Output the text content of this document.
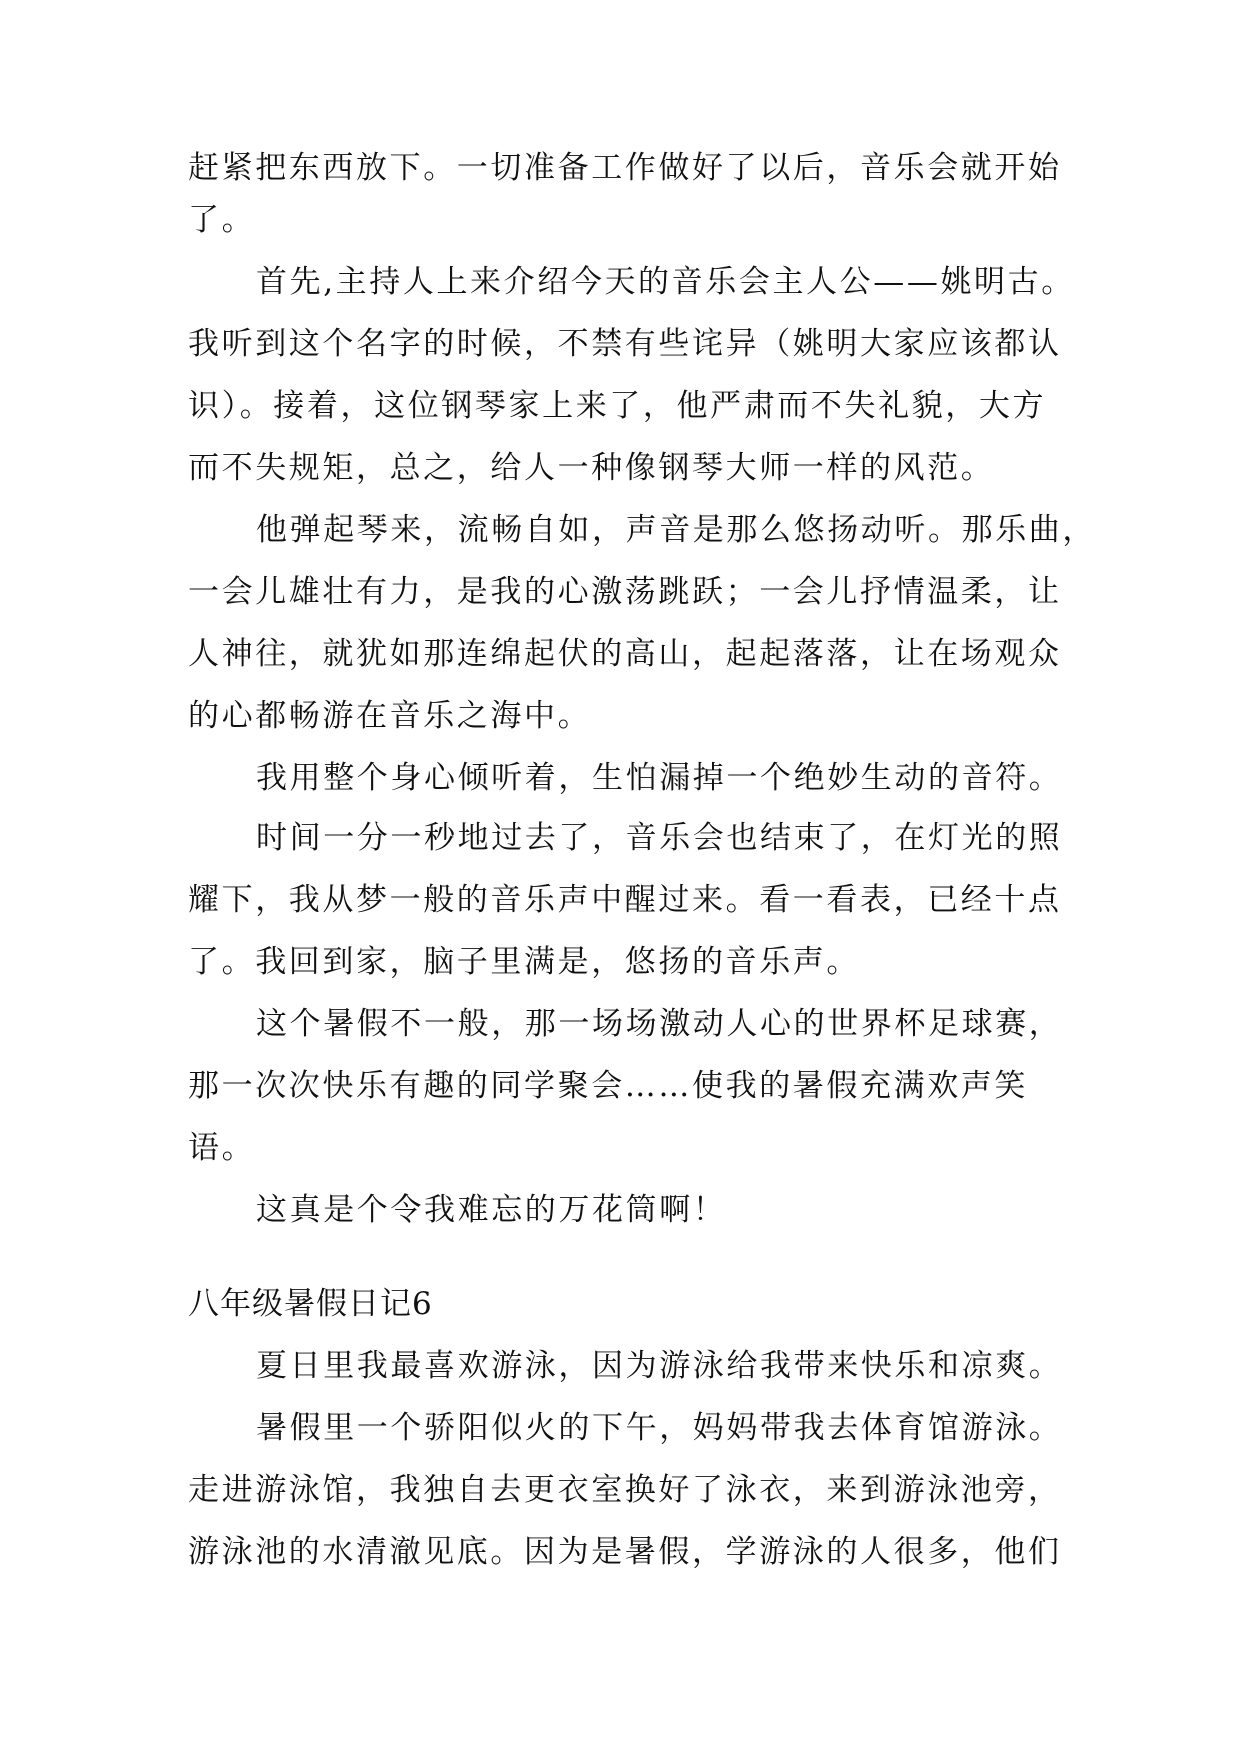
赶紧把东西放下。一切准备工作做好了以后，音乐会就开始
了。
首先,主持人上来介绍今天的音乐会主人公——姚明古。
我听到这个名字的时候，不禁有些诧异（姚明大家应该都认
识）。接着，这位钢琴家上来了，他严肃而不失礼貌，大方
而不失规矩，总之，给人一种像钢琴大师一样的风范。
他弹起琴来，流畅自如，声音是那么悠扬动听。那乐曲，
一会儿雄壮有力，是我的心激荡跳跃；一会儿抒情温柔，让
人神往，就犹如那连绵起伏的高山，起起落落，让在场观众
的心都畅游在音乐之海中。
我用整个身心倾听着，生怕漏掉一个绝妙生动的音符。
时间一分一秒地过去了，音乐会也结束了，在灯光的照
耀下，我从梦一般的音乐声中醒过来。看一看表，已经十点
了。我回到家，脑子里满是，悠扬的音乐声。
这个暑假不一般，那一场场激动人心的世界杯足球赛，
那一次次快乐有趣的同学聚会……使我的暑假充满欢声笑
语。
这真是个令我难忘的万花筒啊！
八年级暑假日记6
夏日里我最喜欢游泳，因为游泳给我带来快乐和凉爽。
暑假里一个骄阳似火的下午，妈妈带我去体育馆游泳。
走进游泳馆，我独自去更衣室换好了泳衣，来到游泳池旁，
游泳池的水清澈见底。因为是暑假，学游泳的人很多，他们
